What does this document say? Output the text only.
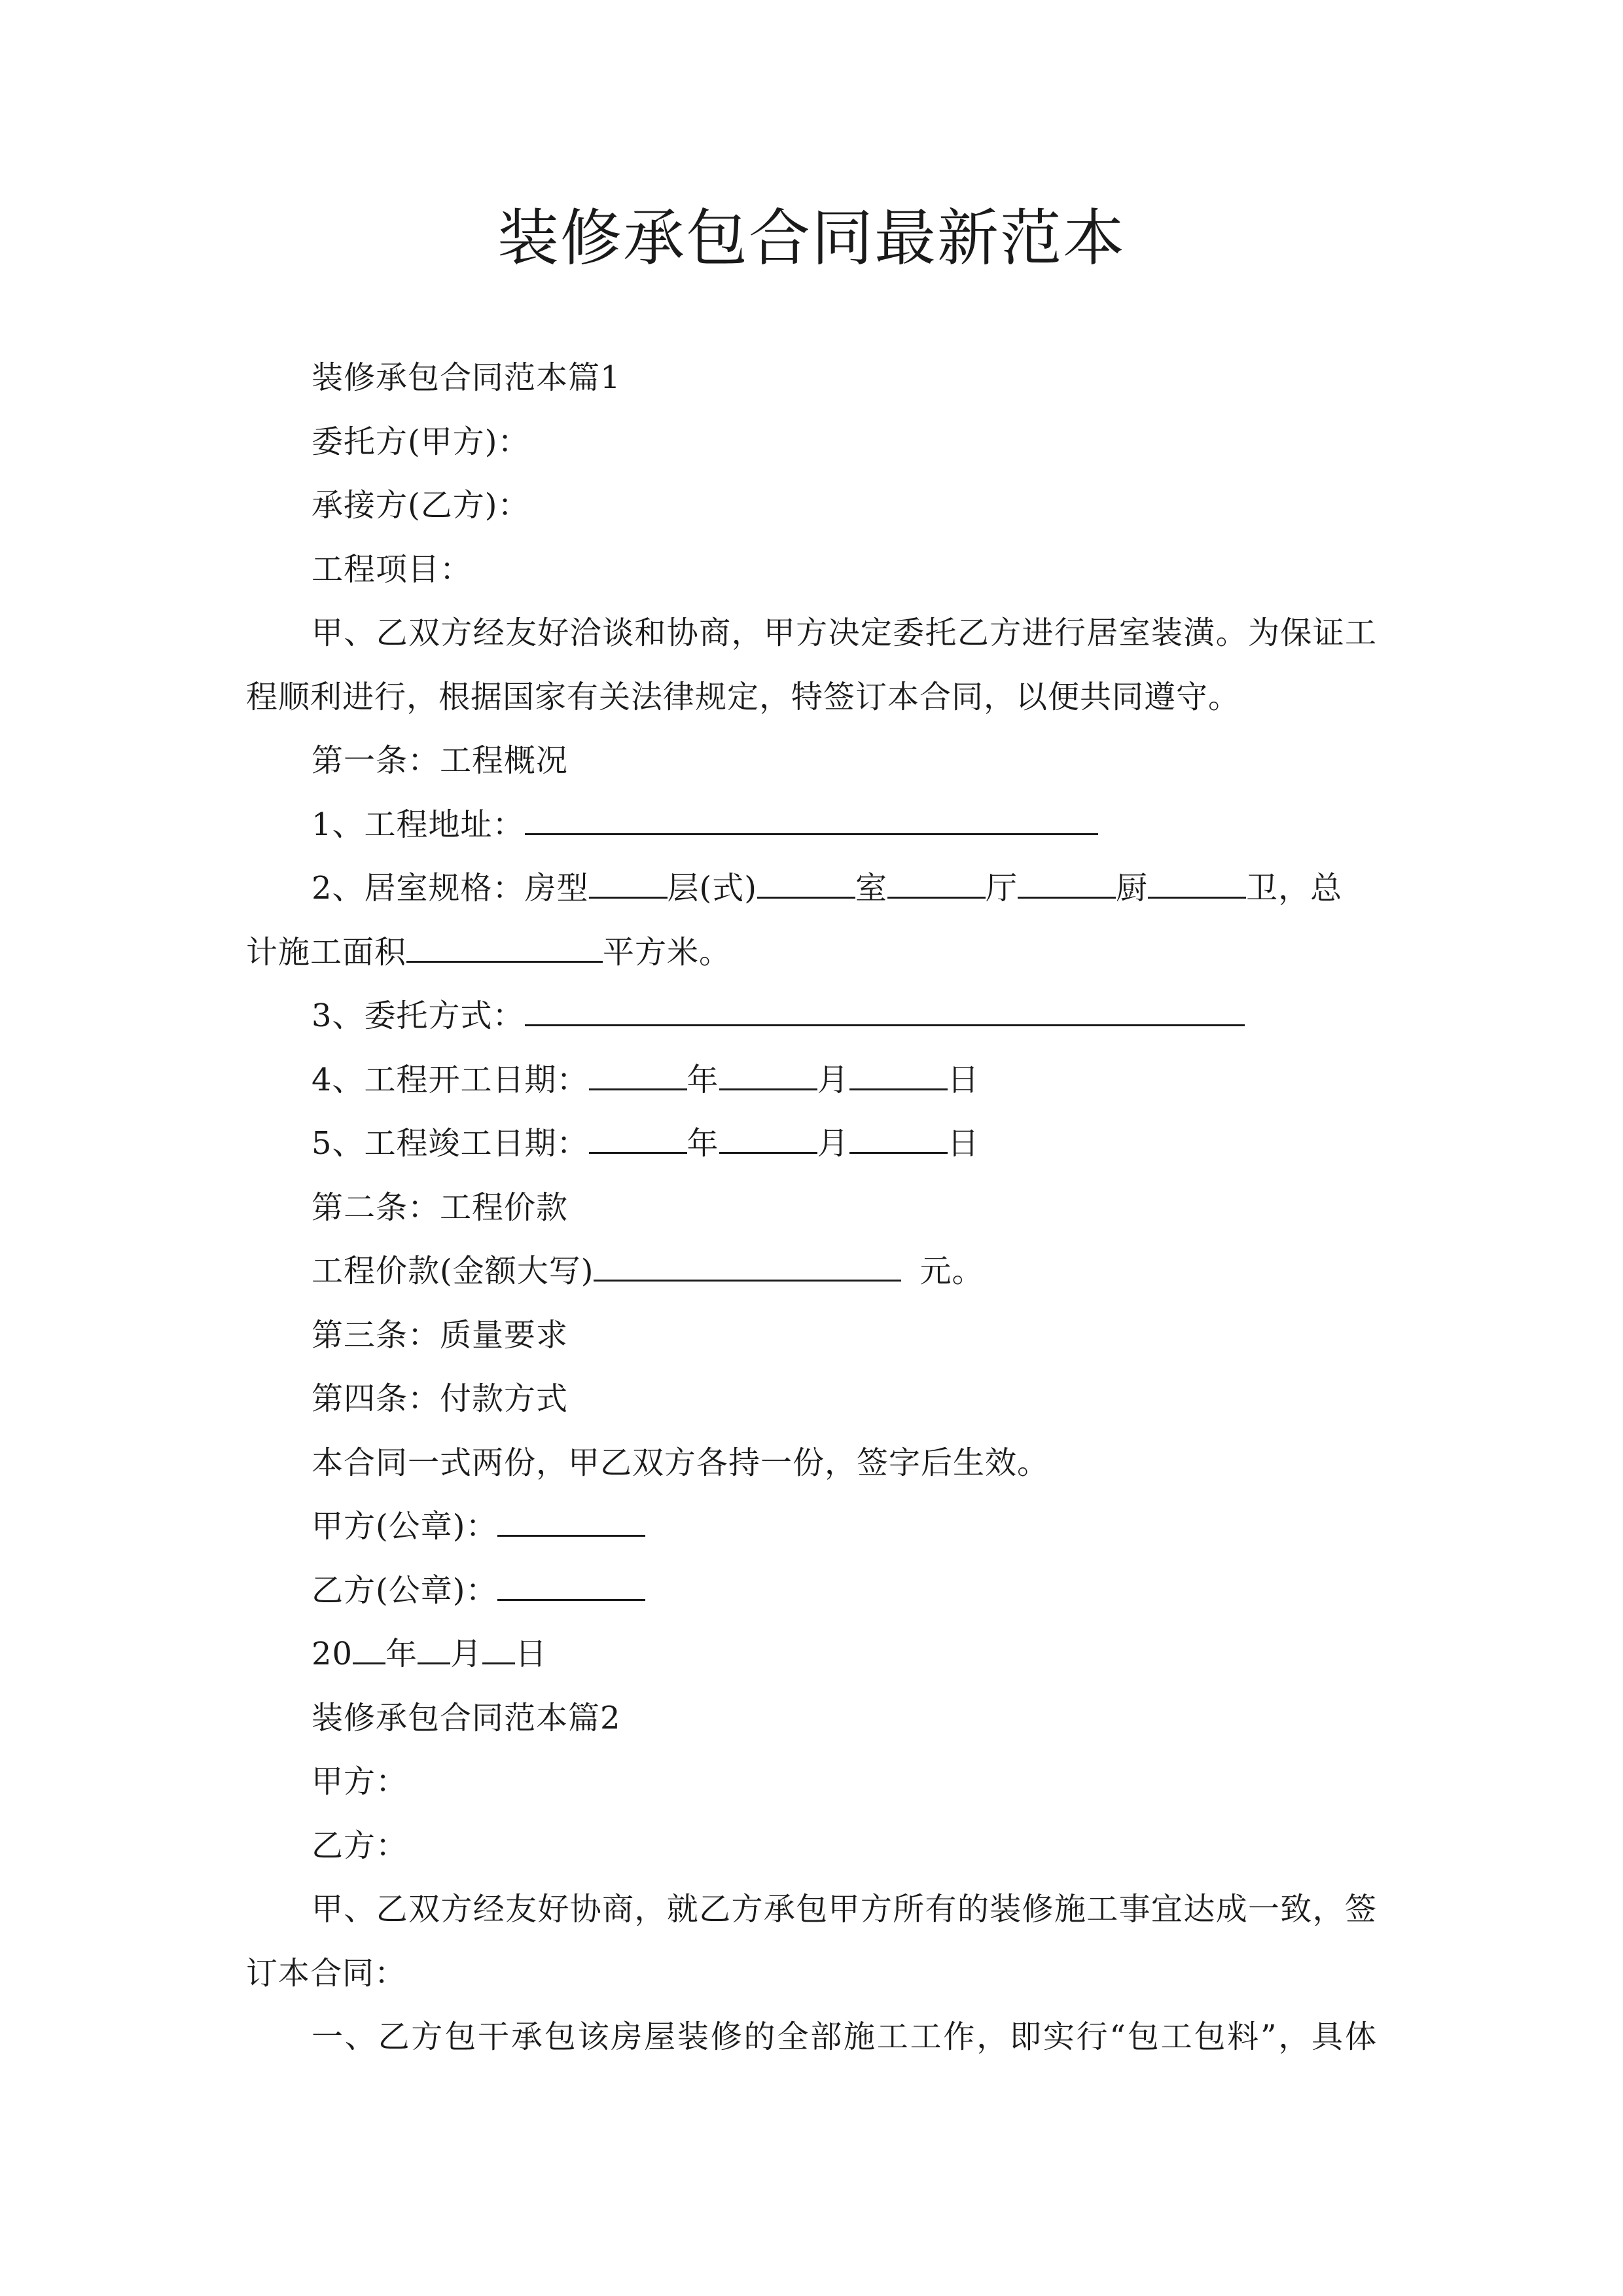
装修承包合同最新范本
装修承包合同范本篇1
委托方(甲方)：
承接方(乙方)：
工程项目：
甲、乙双方经友好洽谈和协商，甲方决定委托乙方进行居室装潢。为保证工
程顺利进行，根据国家有关法律规定，特签订本合同，以便共同遵守。
第一条：工程概况
1、工程地址：
2、居室规格：房型	层(式)	室	厅	厨	卫，总
计施工面积	平方米。
3、委托方式：
4、工程开工日期：	年	月	日
5、工程竣工日期：	年	月	日
第二条：工程价款
工程价款(金额大写)	元。
第三条：质量要求
第四条：付款方式
本合同一式两份，甲乙双方各持一份，签字后生效。
甲方(公章)：
乙方(公章)：
20 年 月 日
装修承包合同范本篇2
甲方：
乙方：
甲、乙双方经友好协商，就乙方承包甲方所有的装修施工事宜达成一致，签
订本合同：
一、乙方包干承包该房屋装修的全部施工工作，即实行“包工包料”，具体
